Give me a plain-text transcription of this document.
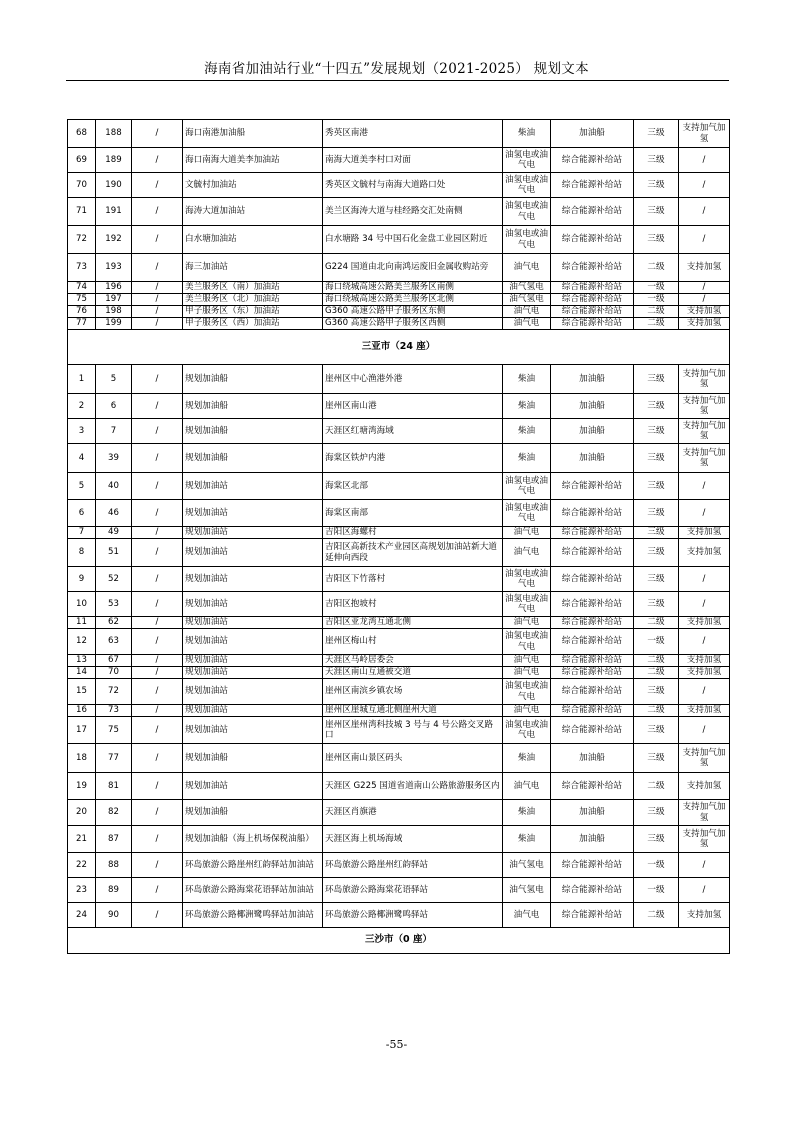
海南省加油站行业“十四五”发展规划（2021-2025） 规划文本
68	188	/	海口南港加油船	秀英区南港	柴油	加油船	三级	支持加气加氢
69	189	/	海口南海大道美李加油站	南海大道美李村口对面	油氢电或油气电	综合能源补给站	三级	/
70	190	/	文毓村加油站	秀英区文毓村与南海大道路口处	油氢电或油气电	综合能源补给站	三级	/
71	191	/	海涛大道加油站	美兰区海涛大道与桂经路交汇处南侧	油氢电或油气电	综合能源补给站	三级	/
72	192	/	白水塘加油站	白水塘路 34 号中国石化金盘工业园区附近	油氢电或油气电	综合能源补给站	三级	/
73	193	/	海三加油站	G224 国道由北向南鸿运废旧金属收购站旁	油气电	综合能源补给站	二级	支持加氢
74	196	/	美兰服务区（南）加油站	海口绕城高速公路美兰服务区南侧	油气氢电	综合能源补给站	一级	/
75	197	/	美兰服务区（北）加油站	海口绕城高速公路美兰服务区北侧	油气氢电	综合能源补给站	一级	/
76	198	/	甲子服务区（东）加油站	G360 高速公路甲子服务区东侧	油气电	综合能源补给站	二级	支持加氢
77	199	/	甲子服务区（西）加油站	G360 高速公路甲子服务区西侧	油气电	综合能源补给站	二级	支持加氢
三亚市（24 座）								
1	5	/	规划加油船	崖州区中心渔港外港	柴油	加油船	三级	支持加气加氢
2	6	/	规划加油船	崖州区南山港	柴油	加油船	三级	支持加气加氢
3	7	/	规划加油船	天涯区红塘湾海域	柴油	加油船	三级	支持加气加氢
4	39	/	规划加油船	海棠区铁炉内港	柴油	加油船	三级	支持加气加氢
5	40	/	规划加油站	海棠区北部	油氢电或油气电	综合能源补给站	三级	/
6	46	/	规划加油站	海棠区南部	油氢电或油气电	综合能源补给站	三级	/
7	49	/	规划加油站	吉阳区海螺村	油气电	综合能源补给站	三级	支持加氢
8	51	/	规划加油站	吉阳区高新技术产业园区高规划加油站新大道延伸向西段	油气电	综合能源补给站	三级	支持加氢
9	52	/	规划加油站	吉阳区下竹落村	油氢电或油气电	综合能源补给站	三级	/
10	53	/	规划加油站	吉阳区抱坡村	油氢电或油气电	综合能源补给站	三级	/
11	62	/	规划加油站	吉阳区亚龙湾互通北侧	油气电	综合能源补给站	二级	支持加氢
12	63	/	规划加油站	崖州区梅山村	油氢电或油气电	综合能源补给站	一级	/
13	67	/	规划加油站	天涯区马岭居委会	油气电	综合能源补给站	二级	支持加氢
14	70	/	规划加油站	天涯区南山互通被交道	油气电	综合能源补给站	二级	支持加氢
15	72	/	规划加油站	崖州区南滨乡镇农场	油氢电或油气电	综合能源补给站	三级	/
16	73	/	规划加油站	崖州区崖城互通北侧崖州大道	油气电	综合能源补给站	二级	支持加氢
17	75	/	规划加油站	崖州区崖州湾科技城 3 号与 4 号公路交叉路口	油氢电或油气电	综合能源补给站	三级	/
18	77	/	规划加油船	崖州区南山景区码头	柴油	加油船	三级	支持加气加氢
19	81	/	规划加油站	天涯区 G225 国道省道南山公路旅游服务区内	油气电	综合能源补给站	二级	支持加氢
20	82	/	规划加油船	天涯区肖旗港	柴油	加油船	三级	支持加气加氢
21	87	/	规划加油船（海上机场保税油船）	天涯区海上机场海域	柴油	加油船	三级	支持加气加氢
22	88	/	环岛旅游公路崖州红韵驿站加油站	环岛旅游公路崖州红韵驿站	油气氢电	综合能源补给站	一级	/
23	89	/	环岛旅游公路海棠花语驿站加油站	环岛旅游公路海棠花语驿站	油气氢电	综合能源补给站	一级	/
24	90	/	环岛旅游公路椰洲鹭鸣驿站加油站	环岛旅游公路椰洲鹭鸣驿站	油气电	综合能源补给站	二级	支持加氢
三沙市（0 座）								
-55-
